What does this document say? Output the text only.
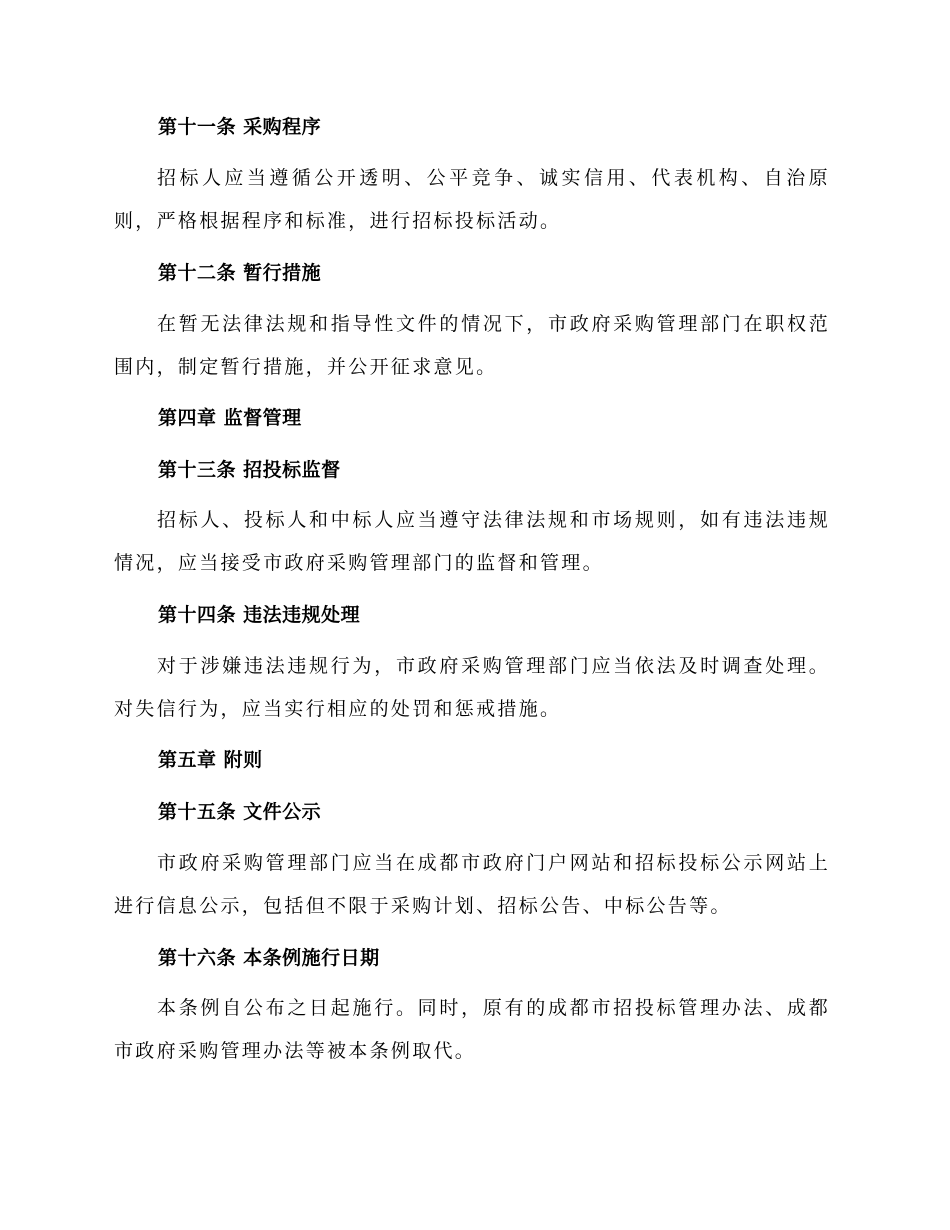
第十一条 采购程序
招标人应当遵循公开透明、公平竞争、诚实信用、代表机构、自治原则，严格根据程序和标准，进行招标投标活动。
第十二条 暂行措施
在暂无法律法规和指导性文件的情况下，市政府采购管理部门在职权范围内，制定暂行措施，并公开征求意见。
第四章 监督管理
第十三条 招投标监督
招标人、投标人和中标人应当遵守法律法规和市场规则，如有违法违规情况，应当接受市政府采购管理部门的监督和管理。
第十四条 违法违规处理
对于涉嫌违法违规行为，市政府采购管理部门应当依法及时调查处理。对失信行为，应当实行相应的处罚和惩戒措施。
第五章 附则
第十五条 文件公示
市政府采购管理部门应当在成都市政府门户网站和招标投标公示网站上进行信息公示，包括但不限于采购计划、招标公告、中标公告等。
第十六条 本条例施行日期
本条例自公布之日起施行。同时，原有的成都市招投标管理办法、成都市政府采购管理办法等被本条例取代。
